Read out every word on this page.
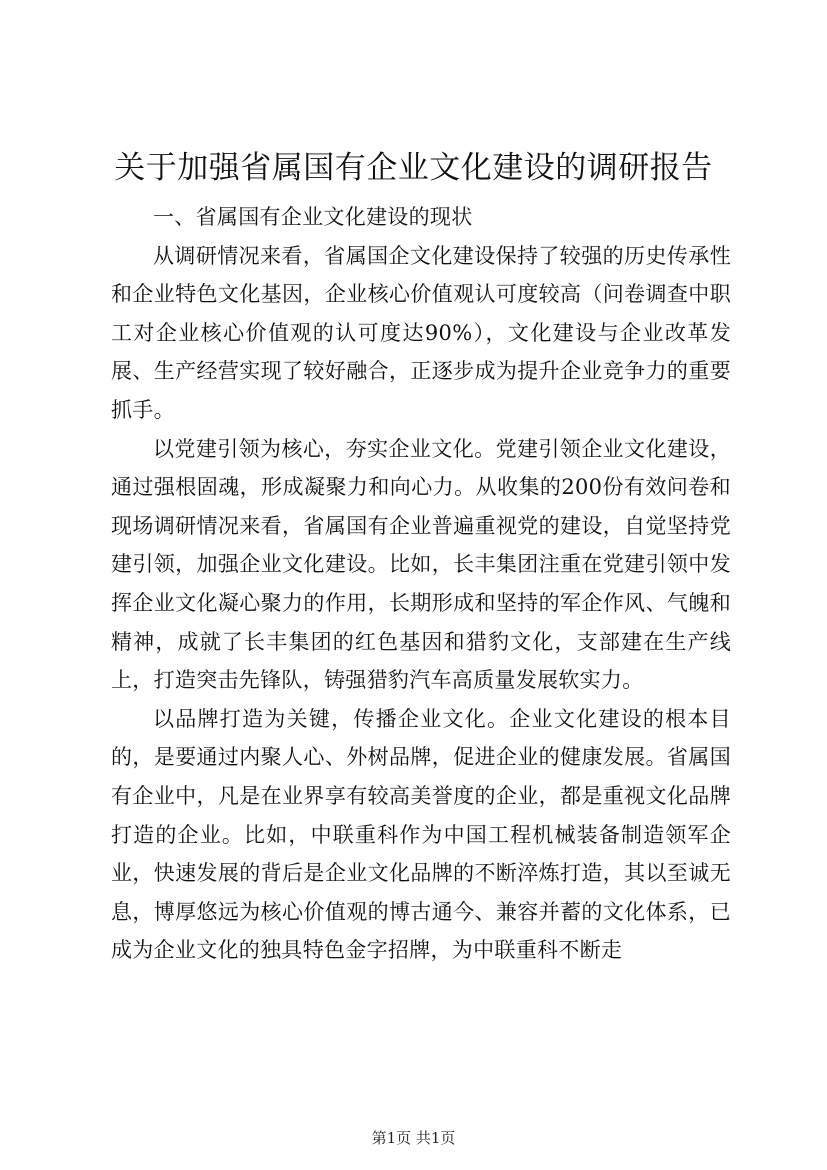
关于加强省属国有企业文化建设的调研报告

一、省属国有企业文化建设的现状

从调研情况来看，省属国企文化建设保持了较强的历史传承性和企业特色文化基因，企业核心价值观认可度较高（问卷调查中职工对企业核心价值观的认可度达90%），文化建设与企业改革发展、生产经营实现了较好融合，正逐步成为提升企业竞争力的重要抓手。

以党建引领为核心，夯实企业文化。党建引领企业文化建设，通过强根固魂，形成凝聚力和向心力。从收集的200份有效问卷和现场调研情况来看，省属国有企业普遍重视党的建设，自觉坚持党建引领，加强企业文化建设。比如，长丰集团注重在党建引领中发挥企业文化凝心聚力的作用，长期形成和坚持的军企作风、气魄和精神，成就了长丰集团的红色基因和猎豹文化，支部建在生产线上，打造突击先锋队，铸强猎豹汽车高质量发展软实力。

以品牌打造为关键，传播企业文化。企业文化建设的根本目的，是要通过内聚人心、外树品牌，促进企业的健康发展。省属国有企业中，凡是在业界享有较高美誉度的企业，都是重视文化品牌打造的企业。比如，中联重科作为中国工程机械装备制造领军企业，快速发展的背后是企业文化品牌的不断淬炼打造，其以至诚无息，博厚悠远为核心价值观的博古通今、兼容并蓄的文化体系，已成为企业文化的独具特色金字招牌，为中联重科不断走

第1页 共1页
